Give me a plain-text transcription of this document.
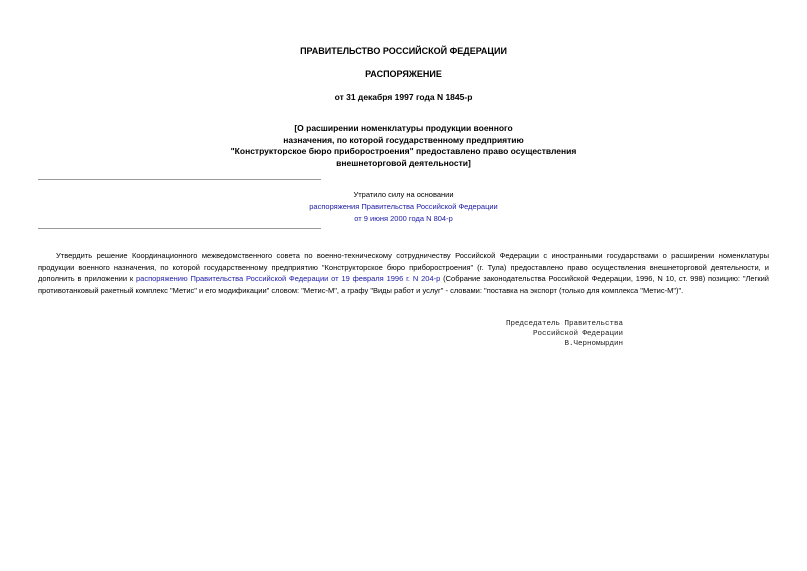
ПРАВИТЕЛЬСТВО РОССИЙСКОЙ ФЕДЕРАЦИИ
РАСПОРЯЖЕНИЕ
от 31 декабря 1997 года N 1845-р
[О расширении номенклатуры продукции военного
назначения, по которой государственному предприятию
"Конструкторское бюро приборостроения" предоставлено право осуществления
внешнеторговой деятельности]
Утратило силу на основании
распоряжения Правительства Российской Федерации
от 9 июня 2000 года N 804-р

Утвердить решение Координационного межведомственного совета по военно-техническому сотрудничеству Российской Федерации с иностранными государствами о расширении номенклатуры продукции военного назначения, по которой государственному предприятию "Конструкторское бюро приборостроения" (г. Тула) предоставлено право осуществления внешнеторговой деятельности, и дополнить в приложении к распоряжению Правительства Российской Федерации от 19 февраля 1996 г. N 204-р (Собрание законодательства Российской Федерации, 1996, N 10, ст. 998) позицию: "Легкий противотанковый ракетный комплекс "Метис" и его модификации" словом: "Метис-М", а графу "Виды работ и услуг" - словами: "поставка на экспорт (только для комплекса "Метис-М")".

Председатель Правительства
Российской Федерации
В.Черномырдин
